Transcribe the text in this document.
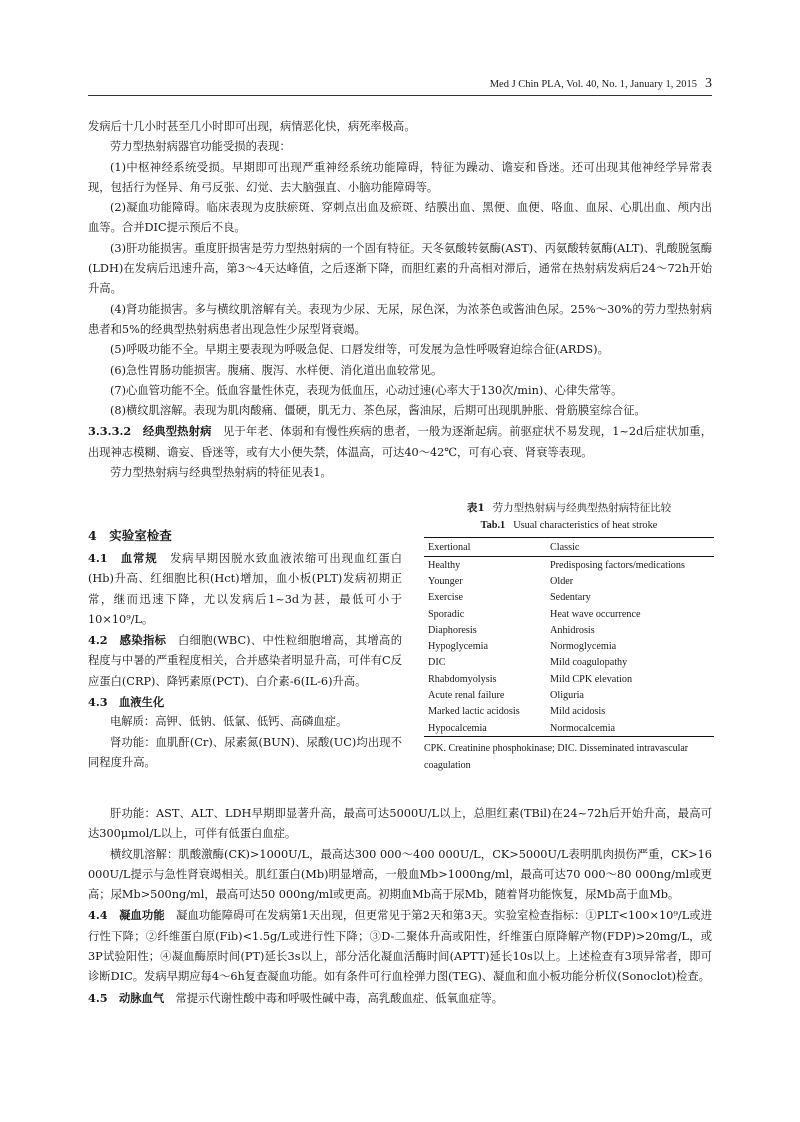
Med J Chin PLA, Vol. 40, No. 1, January 1, 2015 3

发病后十几小时甚至几小时即可出现，病情恶化快，病死率极高。

劳力型热射病器官功能受损的表现：

(1)中枢神经系统受损。早期即可出现严重神经系统功能障碍，特征为躁动、谵妄和昏迷。还可出现其他神经学异常表现，包括行为怪异、角弓反张、幻觉、去大脑强直、小脑功能障碍等。

(2)凝血功能障碍。临床表现为皮肤瘀斑、穿刺点出血及瘀斑、结膜出血、黑便、血便、咯血、血尿、心肌出血、颅内出血等。合并DIC提示预后不良。

(3)肝功能损害。重度肝损害是劳力型热射病的一个固有特征。天冬氨酸转氨酶(AST)、丙氨酸转氨酶(ALT)、乳酸脱氢酶(LDH)在发病后迅速升高，第3～4天达峰值，之后逐渐下降，而胆红素的升高相对滞后，通常在热射病发病后24～72h开始升高。

(4)肾功能损害。多与横纹肌溶解有关。表现为少尿、无尿，尿色深，为浓茶色或酱油色尿。25%～30%的劳力型热射病患者和5%的经典型热射病患者出现急性少尿型肾衰竭。

(5)呼吸功能不全。早期主要表现为呼吸急促、口唇发绀等，可发展为急性呼吸窘迫综合征(ARDS)。

(6)急性胃肠功能损害。腹痛、腹泻、水样便、消化道出血较常见。

(7)心血管功能不全。低血容量性休克，表现为低血压，心动过速(心率大于130次/min)、心律失常等。

(8)横纹肌溶解。表现为肌肉酸痛、僵硬，肌无力、茶色尿，酱油尿，后期可出现肌肿胀、骨筋膜室综合征。

3.3.3.2　经典型热射病　见于年老、体弱和有慢性疾病的患者，一般为逐渐起病。前驱症状不易发现，1~2d后症状加重，出现神志模糊、谵妄、昏迷等，或有大小便失禁，体温高，可达40～42℃，可有心衰、肾衰等表现。

劳力型热射病与经典型热射病的特征见表1。

4　实验室检查

4.1　血常规　发病早期因脱水致血液浓缩可出现血红蛋白(Hb)升高、红细胞比积(Hct)增加，血小板(PLT)发病初期正常，继而迅速下降，尤以发病后1~3d为甚，最低可小于10×10⁹/L。

4.2　感染指标　白细胞(WBC)、中性粒细胞增高，其增高的程度与中暑的严重程度相关，合并感染者明显升高，可伴有C反应蛋白(CRP)、降钙素原(PCT)、白介素-6(IL-6)升高。

4.3　血液生化

电解质：高钾、低钠、低氯、低钙、高磷血症。

肾功能：血肌酐(Cr)、尿素氮(BUN)、尿酸(UC)均出现不同程度升高。

表1 劳力型热射病与经典型热射病特征比较
Tab.1 Usual characteristics of heat stroke
Exertional	Classic
Healthy	Predisposing factors/medications
Younger	Older
Exercise	Sedentary
Sporadic	Heat wave occurrence
Diaphoresis	Anhidrosis
Hypoglycemia	Normoglycemia
DIC	Mild coagulopathy
Rhabdomyolysis	Mild CPK elevation
Acute renal failure	Oliguria
Marked lactic acidosis	Mild acidosis
Hypocalcemia	Normocalcemia
CPK. Creatinine phosphokinase; DIC. Disseminated intravascular coagulation

肝功能：AST、ALT、LDH早期即显著升高，最高可达5000U/L以上，总胆红素(TBil)在24~72h后开始升高，最高可达300μmol/L以上，可伴有低蛋白血症。

横纹肌溶解：肌酸激酶(CK)>1000U/L，最高达300 000～400 000U/L，CK>5000U/L表明肌肉损伤严重，CK>16 000U/L提示与急性肾衰竭相关。肌红蛋白(Mb)明显增高，一般血Mb>1000ng/ml，最高可达70 000～80 000ng/ml或更高；尿Mb>500ng/ml，最高可达50 000ng/ml或更高。初期血Mb高于尿Mb，随着肾功能恢复，尿Mb高于血Mb。

4.4　凝血功能　凝血功能障碍可在发病第1天出现，但更常见于第2天和第3天。实验室检查指标：①PLT<100×10⁹/L或进行性下降；②纤维蛋白原(Fib)<1.5g/L或进行性下降；③D-二聚体升高或阳性，纤维蛋白原降解产物(FDP)>20mg/L，或3P试验阳性；④凝血酶原时间(PT)延长3s以上，部分活化凝血活酶时间(APTT)延长10s以上。上述检查有3项异常者，即可诊断DIC。发病早期应每4～6h复查凝血功能。如有条件可行血栓弹力图(TEG)、凝血和血小板功能分析仪(Sonoclot)检查。

4.5　动脉血气　常提示代谢性酸中毒和呼吸性碱中毒，高乳酸血症、低氧血症等。
